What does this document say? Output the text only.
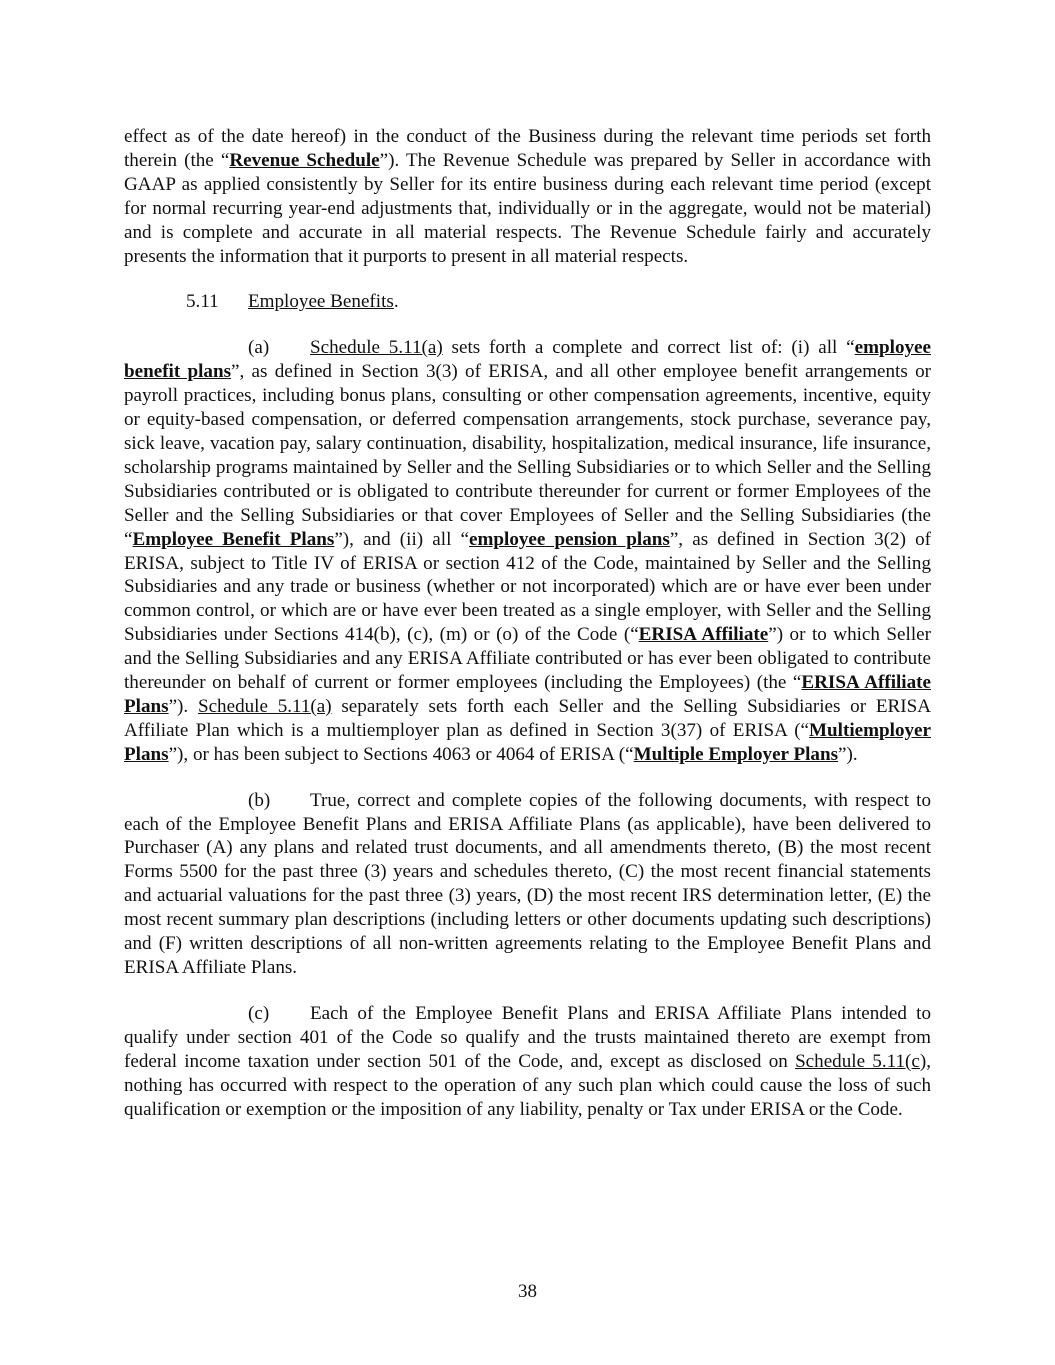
effect as of the date hereof) in the conduct of the Business during the relevant time periods set forth therein (the “Revenue Schedule”). The Revenue Schedule was prepared by Seller in accordance with GAAP as applied consistently by Seller for its entire business during each relevant time period (except for normal recurring year-end adjustments that, individually or in the aggregate, would not be material) and is complete and accurate in all material respects. The Revenue Schedule fairly and accurately presents the information that it purports to present in all material respects.

5.11 Employee Benefits.

(a) Schedule 5.11(a) sets forth a complete and correct list of: (i) all “employee benefit plans”, as defined in Section 3(3) of ERISA, and all other employee benefit arrangements or payroll practices, including bonus plans, consulting or other compensation agreements, incentive, equity or equity-based compensation, or deferred compensation arrangements, stock purchase, severance pay, sick leave, vacation pay, salary continuation, disability, hospitalization, medical insurance, life insurance, scholarship programs maintained by Seller and the Selling Subsidiaries or to which Seller and the Selling Subsidiaries contributed or is obligated to contribute thereunder for current or former Employees of the Seller and the Selling Subsidiaries or that cover Employees of Seller and the Selling Subsidiaries (the “Employee Benefit Plans”), and (ii) all “employee pension plans”, as defined in Section 3(2) of ERISA, subject to Title IV of ERISA or section 412 of the Code, maintained by Seller and the Selling Subsidiaries and any trade or business (whether or not incorporated) which are or have ever been under common control, or which are or have ever been treated as a single employer, with Seller and the Selling Subsidiaries under Sections 414(b), (c), (m) or (o) of the Code (“ERISA Affiliate”) or to which Seller and the Selling Subsidiaries and any ERISA Affiliate contributed or has ever been obligated to contribute thereunder on behalf of current or former employees (including the Employees) (the “ERISA Affiliate Plans”). Schedule 5.11(a) separately sets forth each Seller and the Selling Subsidiaries or ERISA Affiliate Plan which is a multiemployer plan as defined in Section 3(37) of ERISA (“Multiemployer Plans”), or has been subject to Sections 4063 or 4064 of ERISA (“Multiple Employer Plans”).

(b) True, correct and complete copies of the following documents, with respect to each of the Employee Benefit Plans and ERISA Affiliate Plans (as applicable), have been delivered to Purchaser (A) any plans and related trust documents, and all amendments thereto, (B) the most recent Forms 5500 for the past three (3) years and schedules thereto, (C) the most recent financial statements and actuarial valuations for the past three (3) years, (D) the most recent IRS determination letter, (E) the most recent summary plan descriptions (including letters or other documents updating such descriptions) and (F) written descriptions of all non-written agreements relating to the Employee Benefit Plans and ERISA Affiliate Plans.

(c) Each of the Employee Benefit Plans and ERISA Affiliate Plans intended to qualify under section 401 of the Code so qualify and the trusts maintained thereto are exempt from federal income taxation under section 501 of the Code, and, except as disclosed on Schedule 5.11(c), nothing has occurred with respect to the operation of any such plan which could cause the loss of such qualification or exemption or the imposition of any liability, penalty or Tax under ERISA or the Code.

38
